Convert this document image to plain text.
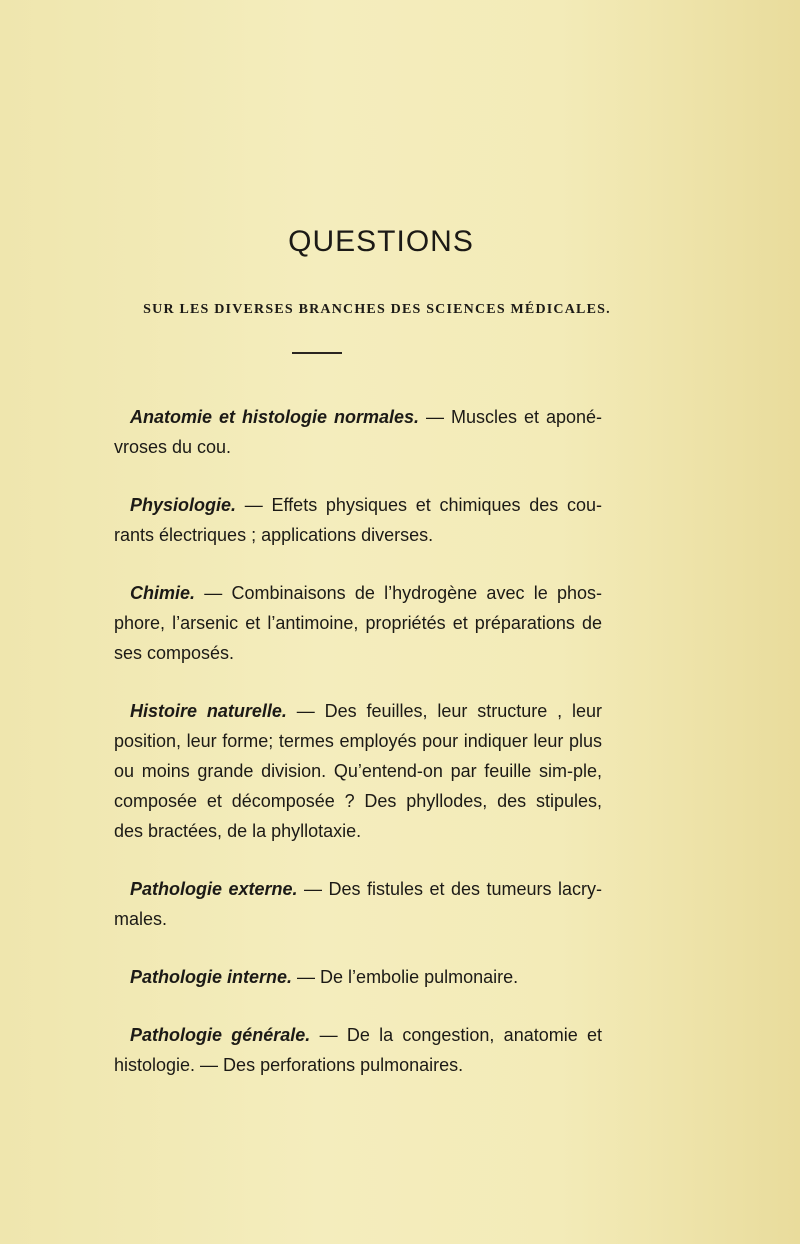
QUESTIONS
SUR LES DIVERSES BRANCHES DES SCIENCES MÉDICALES.

Anatomie et histologie normales. — Muscles et aponé-vroses du cou.

Physiologie. — Effets physiques et chimiques des cou-rants électriques ; applications diverses.

Chimie. — Combinaisons de l’hydrogène avec le phos-phore, l’arsenic et l’antimoine, propriétés et préparations de ses composés.

Histoire naturelle. — Des feuilles, leur structure , leur position, leur forme; termes employés pour indiquer leur plus ou moins grande division. Qu’entend-on par feuille sim-ple, composée et décomposée ? Des phyllodes, des stipules, des bractées, de la phyllotaxie.

Pathologie externe. — Des fistules et des tumeurs lacry-males.

Pathologie interne. — De l’embolie pulmonaire.

Pathologie générale. — De la congestion, anatomie et histologie. — Des perforations pulmonaires.
